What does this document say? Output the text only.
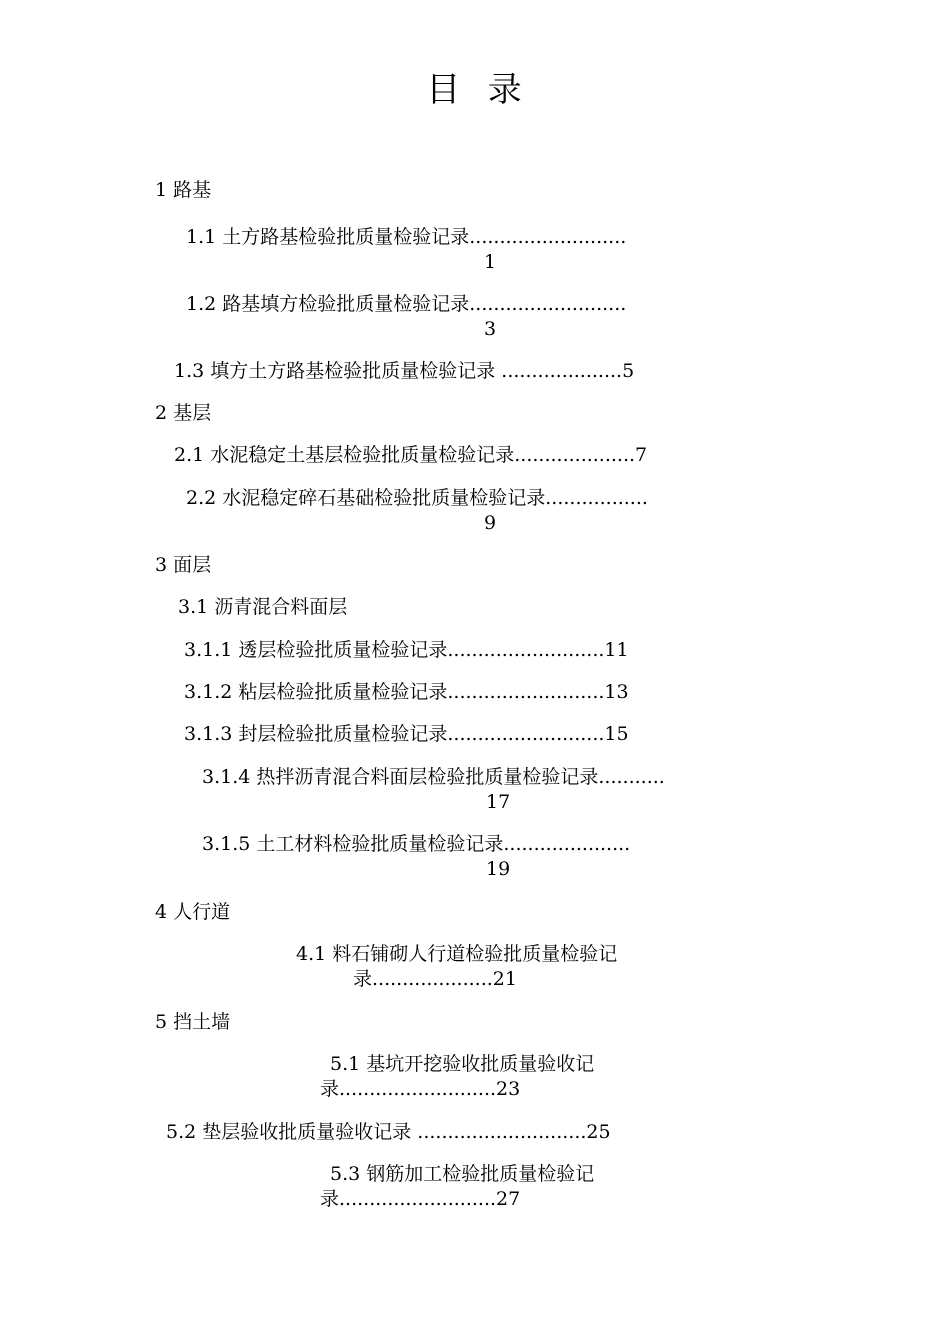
目  录
1 路基
1.1 土方路基检验批质量检验记录..........................
1
1.2 路基填方检验批质量检验记录..........................
3
1.3 填方土方路基检验批质量检验记录 ....................5
2 基层
2.1 水泥稳定土基层检验批质量检验记录....................7
2.2 水泥稳定碎石基础检验批质量检验记录.................
9
3 面层
3.1 沥青混合料面层
3.1.1 透层检验批质量检验记录..........................11
3.1.2 粘层检验批质量检验记录..........................13
3.1.3 封层检验批质量检验记录..........................15
3.1.4 热拌沥青混合料面层检验批质量检验记录...........
17
3.1.5 土工材料检验批质量检验记录.....................
19
4 人行道
4.1 料石铺砌人行道检验批质量检验记
录....................21
5 挡土墙
5.1 基坑开挖验收批质量验收记
录..........................23
5.2 垫层验收批质量验收记录 ............................25
5.3 钢筋加工检验批质量检验记
录..........................27
